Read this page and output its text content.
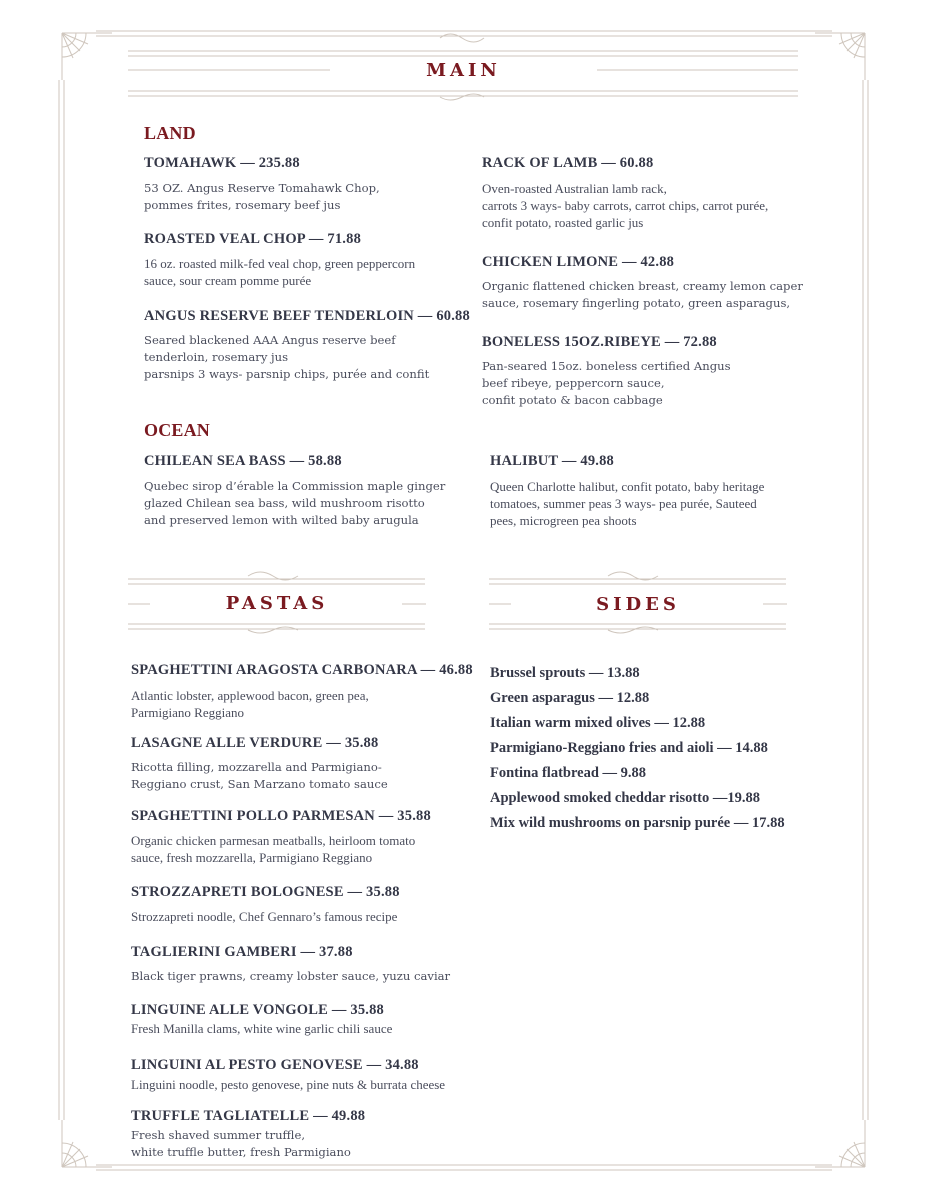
MAIN
LAND
TOMAHAWK — 235.88
53 OZ. Angus Reserve Tomahawk Chop,
pommes frites, rosemary beef jus
ROASTED VEAL CHOP — 71.88
16 oz. roasted milk-fed veal chop, green peppercorn
sauce, sour cream pomme purée
ANGUS RESERVE BEEF TENDERLOIN — 60.88
Seared blackened AAA Angus reserve beef
tenderloin, rosemary jus
parsnips 3 ways- parsnip chips, purée and confit
RACK OF LAMB — 60.88
Oven-roasted Australian lamb rack,
carrots 3 ways- baby carrots, carrot chips, carrot purée,
confit potato, roasted garlic jus
CHICKEN LIMONE — 42.88
Organic flattened chicken breast, creamy lemon caper
sauce, rosemary fingerling potato, green asparagus,
BONELESS 15OZ.RIBEYE — 72.88
Pan-seared 15oz. boneless certified Angus
beef ribeye, peppercorn sauce,
confit potato & bacon cabbage
OCEAN
CHILEAN SEA BASS — 58.88
Quebec sirop d’érable la Commission maple ginger
glazed Chilean sea bass, wild mushroom risotto
and preserved lemon with wilted baby arugula
HALIBUT — 49.88
Queen Charlotte halibut, confit potato, baby heritage
tomatoes, summer peas 3 ways- pea purée, Sauteed
pees, microgreen pea shoots
PASTAS
SPAGHETTINI ARAGOSTA CARBONARA — 46.88
Atlantic lobster, applewood bacon, green pea,
Parmigiano Reggiano
LASAGNE ALLE VERDURE — 35.88
Ricotta filling, mozzarella and Parmigiano-
Reggiano crust, San Marzano tomato sauce
SPAGHETTINI POLLO PARMESAN — 35.88
Organic chicken parmesan meatballs, heirloom tomato
sauce, fresh mozzarella, Parmigiano Reggiano
STROZZAPRETI BOLOGNESE — 35.88
Strozzapreti noodle, Chef Gennaro’s famous recipe
TAGLIERINI GAMBERI — 37.88
Black tiger prawns, creamy lobster sauce, yuzu caviar
LINGUINE ALLE VONGOLE — 35.88
Fresh Manilla clams, white wine garlic chili sauce
LINGUINI AL PESTO GENOVESE — 34.88
Linguini noodle, pesto genovese, pine nuts & burrata cheese
TRUFFLE TAGLIATELLE — 49.88
Fresh shaved summer truffle,
white truffle butter, fresh Parmigiano
SIDES
Brussel sprouts — 13.88
Green asparagus — 12.88
Italian warm mixed olives — 12.88
Parmigiano-Reggiano fries and aioli — 14.88
Fontina flatbread — 9.88
Applewood smoked cheddar risotto —19.88
Mix wild mushrooms on parsnip purée — 17.88
